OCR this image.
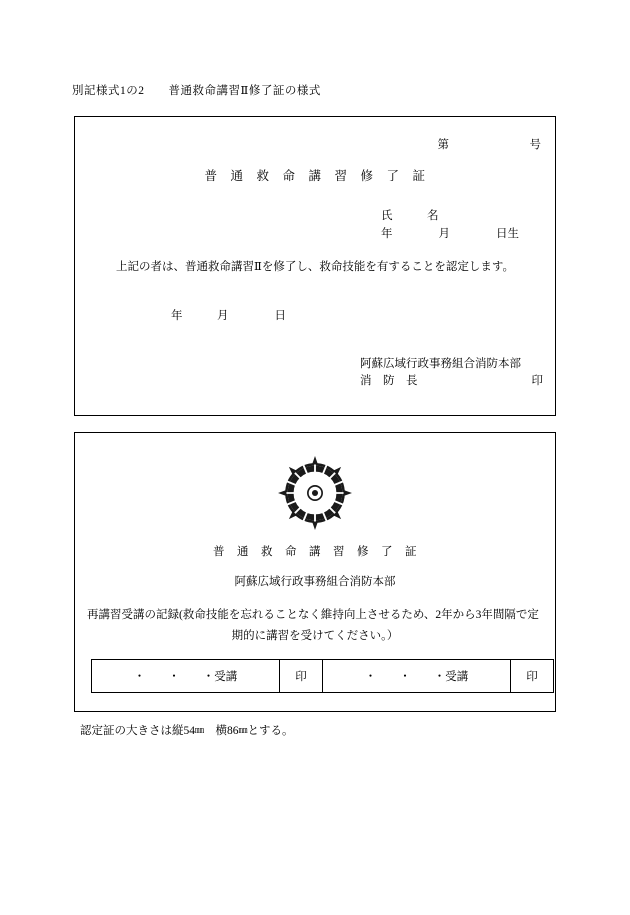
別記様式1の2　　普通救命講習Ⅱ修了証の様式
第　　　　　　　号
普　通　救　命　講　習　修　了　証
氏　　　名
年　　　　月　　　　日生
上記の者は、普通救命講習Ⅱを修了し、救命技能を有することを認定します。
年　　　月　　　　日
阿蘇広域行政事務組合消防本部
消　防　長	印
普　通　救　命　講　習　修　了　証
阿蘇広域行政事務組合消防本部
再講習受講の記録(救命技能を忘れることなく維持向上させるため、2年から3年間隔で定
期的に講習を受けてください。）
・　　・　　・受講	印	・　　・　　・受講	印
認定証の大きさは縦54㎜　横86㎜とする。
